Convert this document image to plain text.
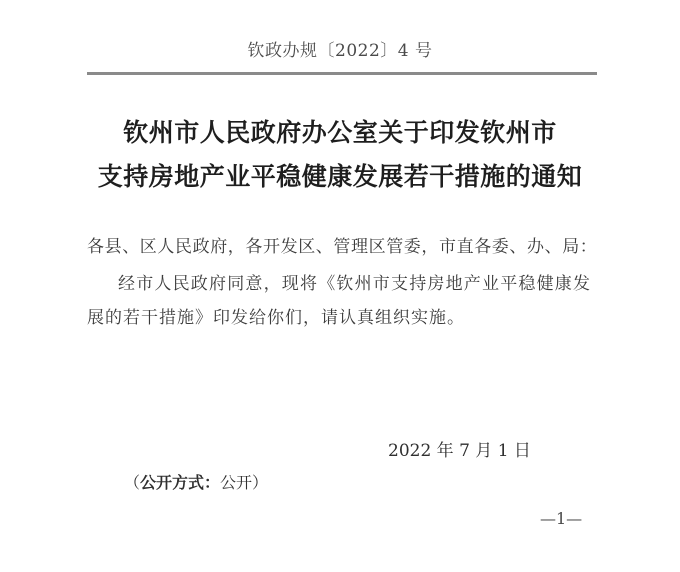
钦政办规〔2022〕4 号
钦州市人民政府办公室关于印发钦州市
支持房地产业平稳健康发展若干措施的通知
各县、区人民政府，各开发区、管理区管委，市直各委、办、局：
经市人民政府同意，现将《钦州市支持房地产业平稳健康发
展的若干措施》印发给你们，请认真组织实施。
2022 年 7 月 1 日
（公开方式：公开）
—1—
